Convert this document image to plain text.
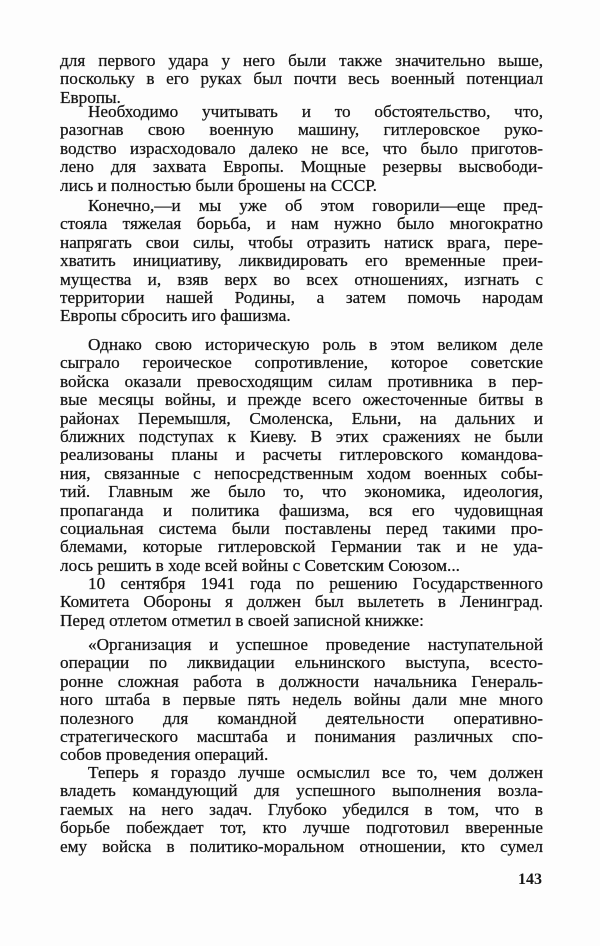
для первого удара у него были также значительно выше,
поскольку в его руках был почти весь военный потенциал
Европы.
Необходимо учитывать и то обстоятельство, что,
разогнав свою военную машину, гитлеровское руко-
водство израсходовало далеко не все, что было приготов-
лено для захвата Европы. Мощные резервы высвободи-
лись и полностью были брошены на СССР.
Конечно,—и мы уже об этом говорили—еще пред-
стояла тяжелая борьба, и нам нужно было многократно
напрягать свои силы, чтобы отразить натиск врага, пере-
хватить инициативу, ликвидировать его временные преи-
мущества и, взяв верх во всех отношениях, изгнать с
территории нашей Родины, а затем помочь народам
Европы сбросить иго фашизма.
Однако свою историческую роль в этом великом деле
сыграло героическое сопротивление, которое советские
войска оказали превосходящим силам противника в пер-
вые месяцы войны, и прежде всего ожесточенные битвы в
районах Перемышля, Смоленска, Ельни, на дальних и
ближних подступах к Киеву. В этих сражениях не были
реализованы планы и расчеты гитлеровского командова-
ния, связанные с непосредственным ходом военных собы-
тий. Главным же было то, что экономика, идеология,
пропаганда и политика фашизма, вся его чудовищная
социальная система были поставлены перед такими про-
блемами, которые гитлеровской Германии так и не уда-
лось решить в ходе всей войны с Советским Союзом...
10 сентября 1941 года по решению Государственного
Комитета Обороны я должен был вылететь в Ленинград.
Перед отлетом отметил в своей записной книжке:
«Организация и успешное проведение наступательной
операции по ликвидации ельнинского выступа, всесто-
ронне сложная работа в должности начальника Генераль-
ного штаба в первые пять недель войны дали мне много
полезного для командной деятельности оперативно-
стратегического масштаба и понимания различных спо-
собов проведения операций.
Теперь я гораздо лучше осмыслил все то, чем должен
владеть командующий для успешного выполнения возла-
гаемых на него задач. Глубоко убедился в том, что в
борьбе побеждает тот, кто лучше подготовил вверенные
ему войска в политико-моральном отношении, кто сумел
143
